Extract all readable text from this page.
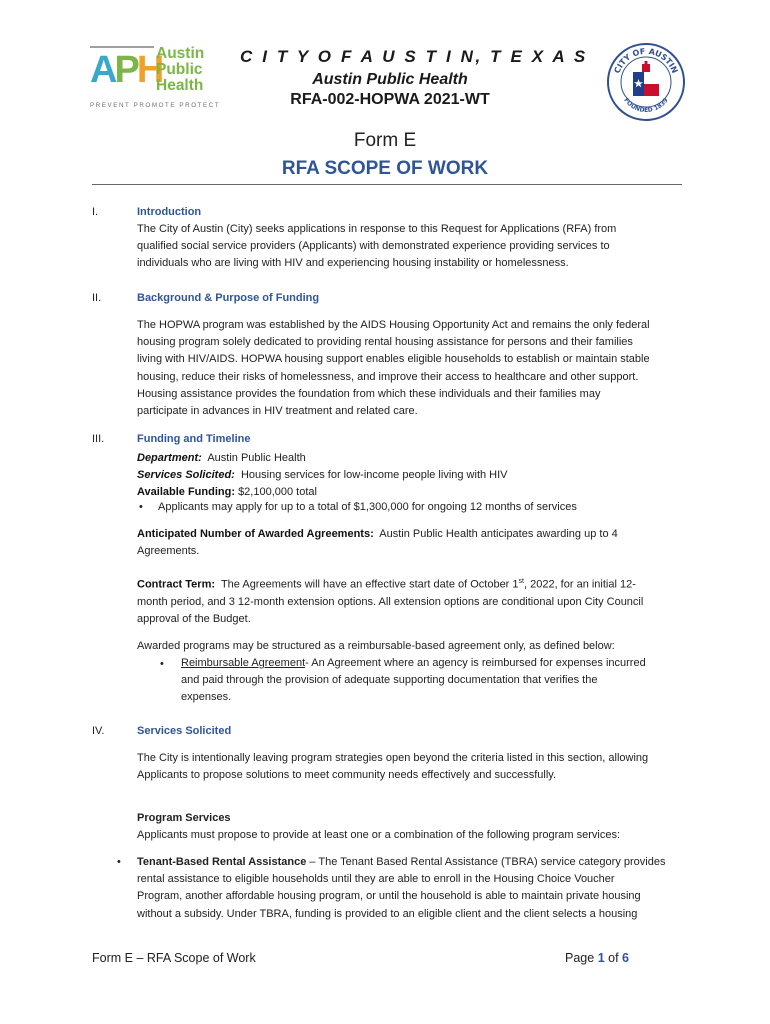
APH
Austin
Public
Health
PREVENT PROMOTE PROTECT
C I T Y O F A U S T I N, T E X A S
Austin Public Health
RFA-002-HOPWA 2021-WT
CITY OF AUSTIN
FOUNDED 1839
Form E
RFA SCOPE OF WORK
I.	Introduction
The City of Austin (City) seeks applications in response to this Request for Applications (RFA) from
qualified social service providers (Applicants) with demonstrated experience providing services to
individuals who are living with HIV and experiencing housing instability or homelessness.
II.	Background & Purpose of Funding
The HOPWA program was established by the AIDS Housing Opportunity Act and remains the only federal
housing program solely dedicated to providing rental housing assistance for persons and their families
living with HIV/AIDS. HOPWA housing support enables eligible households to establish or maintain stable
housing, reduce their risks of homelessness, and improve their access to healthcare and other support.
Housing assistance provides the foundation from which these individuals and their families may
participate in advances in HIV treatment and related care.
III.	Funding and Timeline
Department: Austin Public Health
Services Solicited: Housing services for low-income people living with HIV
Available Funding: $2,100,000 total
• Applicants may apply for up to a total of $1,300,000 for ongoing 12 months of services
Anticipated Number of Awarded Agreements: Austin Public Health anticipates awarding up to 4
Agreements.
Contract Term: The Agreements will have an effective start date of October 1st, 2022, for an initial 12-
month period, and 3 12-month extension options. All extension options are conditional upon City Council
approval of the Budget.
Awarded programs may be structured as a reimbursable-based agreement only, as defined below:
• Reimbursable Agreement- An Agreement where an agency is reimbursed for expenses incurred
and paid through the provision of adequate supporting documentation that verifies the
expenses.
IV.	Services Solicited
The City is intentionally leaving program strategies open beyond the criteria listed in this section, allowing
Applicants to propose solutions to meet community needs effectively and successfully.
Program Services
Applicants must propose to provide at least one or a combination of the following program services:
• Tenant-Based Rental Assistance – The Tenant Based Rental Assistance (TBRA) service category provides
rental assistance to eligible households until they are able to enroll in the Housing Choice Voucher
Program, another affordable housing program, or until the household is able to maintain private housing
without a subsidy. Under TBRA, funding is provided to an eligible client and the client selects a housing
Form E – RFA Scope of Work	Page 1 of 6
